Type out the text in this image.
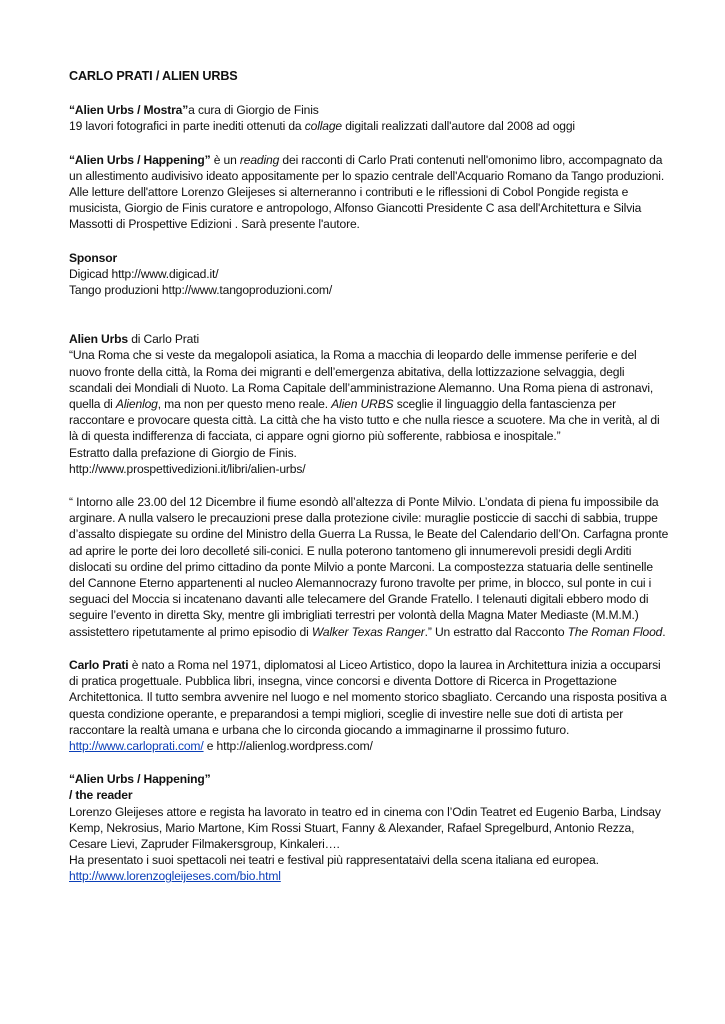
CARLO PRATI / ALIEN URBS

“Alien Urbs / Mostra”a cura di Giorgio de Finis

19 lavori fotografici in parte inediti ottenuti da collage digitali realizzati dall'autore dal 2008 ad oggi

“Alien Urbs / Happening” è un reading dei racconti di Carlo Prati contenuti nell'omonimo libro, accompagnato da un allestimento audivisivo ideato appositamente per lo spazio centrale dell'Acquario Romano da Tango produzioni. Alle letture dell'attore Lorenzo Gleijeses si alterneranno i contributi e le riflessioni di Cobol Pongide regista e musicista, Giorgio de Finis curatore e antropologo, Alfonso Giancotti Presidente C asa dell'Architettura e Silvia Massotti di Prospettive Edizioni . Sarà presente l'autore.

Sponsor

Digicad http://www.digicad.it/

Tango produzioni http://www.tangoproduzioni.com/

Alien Urbs di Carlo Prati

“Una Roma che si veste da megalopoli asiatica, la Roma a macchia di leopardo delle immense periferie e del nuovo fronte della città, la Roma dei migranti e dell’emergenza abitativa, della lottizzazione selvaggia, degli scandali dei Mondiali di Nuoto. La Roma Capitale dell’amministrazione Alemanno. Una Roma piena di astronavi, quella di Alienlog, ma non per questo meno reale. Alien URBS sceglie il linguaggio della fantascienza per raccontare e provocare questa città. La città che ha visto tutto e che nulla riesce a scuotere. Ma che in verità, al di là di questa indifferenza di facciata, ci appare ogni giorno più sofferente, rabbiosa e inospitale.”

Estratto dalla prefazione di Giorgio de Finis.

http://www.prospettivedizioni.it/libri/alien-urbs/

“ Intorno alle 23.00 del 12 Dicembre il fiume esondò all’altezza di Ponte Milvio. L’ondata di piena fu impossibile da arginare. A nulla valsero le precauzioni prese dalla protezione civile: muraglie posticcie di sacchi di sabbia, truppe d’assalto dispiegate su ordine del Ministro della Guerra La Russa, le Beate del Calendario dell’On. Carfagna pronte ad aprire le porte dei loro decolleté sili-conici. E nulla poterono tantomeno gli innumerevoli presidi degli Arditi dislocati su ordine del primo cittadino da ponte Milvio a ponte Marconi. La compostezza statuaria delle sentinelle del Cannone Eterno appartenenti al nucleo Alemannocrazy furono travolte per prime, in blocco, sul ponte in cui i seguaci del Moccia si incatenano davanti alle telecamere del Grande Fratello. I telenauti digitali ebbero modo di seguire l’evento in diretta Sky, mentre gli imbrigliati terrestri per volontà della Magna Mater Mediaste (M.M.M.) assistettero ripetutamente al primo episodio di Walker Texas Ranger.” Un estratto dal Racconto The Roman Flood.

Carlo Prati è nato a Roma nel 1971, diplomatosi al Liceo Artistico, dopo la laurea in Architettura inizia a occuparsi di pratica progettuale. Pubblica libri, insegna, vince concorsi e diventa Dottore di Ricerca in Progettazione Architettonica. Il tutto sembra avvenire nel luogo e nel momento storico sbagliato. Cercando una risposta positiva a questa condizione operante, e preparandosi a tempi migliori, sceglie di investire nelle sue doti di artista per raccontare la realtà umana e urbana che lo circonda giocando a immaginarne il prossimo futuro.

http://www.carloprati.com/ e http://alienlog.wordpress.com/

“Alien Urbs / Happening”

/ the reader

Lorenzo Gleijeses attore e regista ha lavorato in teatro ed in cinema con l’Odin Teatret ed Eugenio Barba, Lindsay Kemp, Nekrosius, Mario Martone, Kim Rossi Stuart, Fanny & Alexander, Rafael Spregelburd, Antonio Rezza, Cesare Lievi, Zapruder Filmakersgroup, Kinkaleri….

Ha presentato i suoi spettacoli nei teatri e festival più rappresentataivi della scena italiana ed europea.

http://www.lorenzogleijeses.com/bio.html
